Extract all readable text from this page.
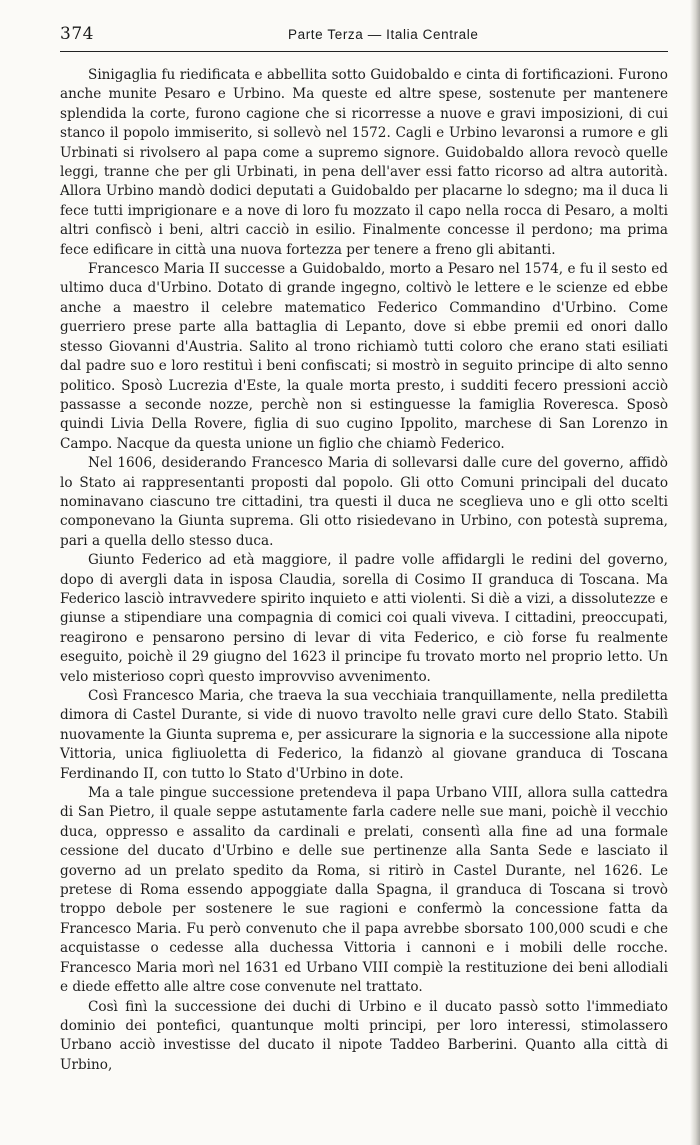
374	Parte Terza — Italia Centrale

Sinigaglia fu riedificata e abbellita sotto Guidobaldo e cinta di fortificazioni. Furono anche munite Pesaro e Urbino. Ma queste ed altre spese, sostenute per mantenere splendida la corte, furono cagione che si ricorresse a nuove e gravi imposizioni, di cui stanco il popolo immiserito, si sollevò nel 1572. Cagli e Urbino levaronsi a rumore e gli Urbinati si rivolsero al papa come a supremo signore. Guidobaldo allora revocò quelle leggi, tranne che per gli Urbinati, in pena dell'aver essi fatto ricorso ad altra autorità. Allora Urbino mandò dodici deputati a Guidobaldo per placarne lo sdegno; ma il duca li fece tutti imprigionare e a nove di loro fu mozzato il capo nella rocca di Pesaro, a molti altri confiscò i beni, altri cacciò in esilio. Finalmente concesse il perdono; ma prima fece edificare in città una nuova fortezza per tenere a freno gli abitanti.

Francesco Maria II successe a Guidobaldo, morto a Pesaro nel 1574, e fu il sesto ed ultimo duca d'Urbino. Dotato di grande ingegno, coltivò le lettere e le scienze ed ebbe anche a maestro il celebre matematico Federico Commandino d'Urbino. Come guerriero prese parte alla battaglia di Lepanto, dove si ebbe premii ed onori dallo stesso Giovanni d'Austria. Salito al trono richiamò tutti coloro che erano stati esiliati dal padre suo e loro restituì i beni confiscati; si mostrò in seguito principe di alto senno politico. Sposò Lucrezia d'Este, la quale morta presto, i sudditi fecero pressioni acciò passasse a seconde nozze, perchè non si estinguesse la famiglia Roveresca. Sposò quindi Livia Della Rovere, figlia di suo cugino Ippolito, marchese di San Lorenzo in Campo. Nacque da questa unione un figlio che chiamò Federico.

Nel 1606, desiderando Francesco Maria di sollevarsi dalle cure del governo, affidò lo Stato ai rappresentanti proposti dal popolo. Gli otto Comuni principali del ducato nominavano ciascuno tre cittadini, tra questi il duca ne sceglieva uno e gli otto scelti componevano la Giunta suprema. Gli otto risiedevano in Urbino, con potestà suprema, pari a quella dello stesso duca.

Giunto Federico ad età maggiore, il padre volle affidargli le redini del governo, dopo di avergli data in isposa Claudia, sorella di Cosimo II granduca di Toscana. Ma Federico lasciò intravvedere spirito inquieto e atti violenti. Si diè a vizi, a dissolutezze e giunse a stipendiare una compagnia di comici coi quali viveva. I cittadini, preoccupati, reagirono e pensarono persino di levar di vita Federico, e ciò forse fu realmente eseguito, poichè il 29 giugno del 1623 il principe fu trovato morto nel proprio letto. Un velo misterioso coprì questo improvviso avvenimento.

Così Francesco Maria, che traeva la sua vecchiaia tranquillamente, nella prediletta dimora di Castel Durante, si vide di nuovo travolto nelle gravi cure dello Stato. Stabilì nuovamente la Giunta suprema e, per assicurare la signoria e la successione alla nipote Vittoria, unica figliuoletta di Federico, la fidanzò al giovane granduca di Toscana Ferdinando II, con tutto lo Stato d'Urbino in dote.

Ma a tale pingue successione pretendeva il papa Urbano VIII, allora sulla cattedra di San Pietro, il quale seppe astutamente farla cadere nelle sue mani, poichè il vecchio duca, oppresso e assalito da cardinali e prelati, consentì alla fine ad una formale cessione del ducato d'Urbino e delle sue pertinenze alla Santa Sede e lasciato il governo ad un prelato spedito da Roma, si ritirò in Castel Durante, nel 1626. Le pretese di Roma essendo appoggiate dalla Spagna, il granduca di Toscana si trovò troppo debole per sostenere le sue ragioni e confermò la concessione fatta da Francesco Maria. Fu però convenuto che il papa avrebbe sborsato 100,000 scudi e che acquistasse o cedesse alla duchessa Vittoria i cannoni e i mobili delle rocche. Francesco Maria morì nel 1631 ed Urbano VIII compiè la restituzione dei beni allodiali e diede effetto alle altre cose convenute nel trattato.

Così finì la successione dei duchi di Urbino e il ducato passò sotto l'immediato dominio dei pontefici, quantunque molti principi, per loro interessi, stimolassero Urbano acciò investisse del ducato il nipote Taddeo Barberini. Quanto alla città di Urbino,
